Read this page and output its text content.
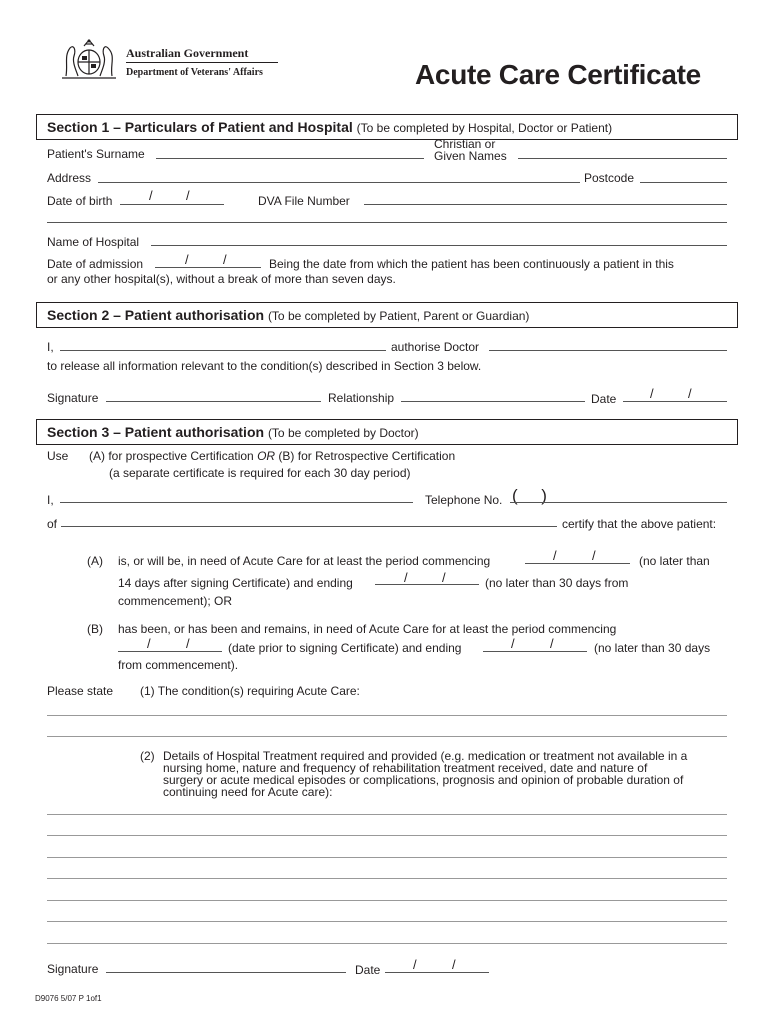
Australian Government
Department of Veterans' Affairs	Acute Care Certificate
Section 1 – Particulars of Patient and Hospital (To be completed by Hospital, Doctor or Patient)
Patient's Surname
Christian or
Given Names
Address	Postcode
Date of birth	/	/	DVA File Number
Name of Hospital
Date of admission	/	/	Being the date from which the patient has been continuously a patient in this
or any other hospital(s), without a break of more than seven days.
Section 2 – Patient authorisation (To be completed by Patient, Parent or Guardian)
I,	authorise Doctor
to release all information relevant to the condition(s) described in Section 3 below.
Signature	Relationship	Date	/	/
Section 3 – Patient authorisation (To be completed by Doctor)
Use (A) for prospective Certification OR (B) for Retrospective Certification
(a separate certificate is required for each 30 day period)
I,	Telephone No. (     )
of	certify that the above patient:
(A) is, or will be, in need of Acute Care for at least the period commencing	/	/	(no later than
14 days after signing Certificate) and ending	/	/	(no later than 30 days from
commencement); OR
(B) has been, or has been and remains, in need of Acute Care for at least the period commencing
/	/	(date prior to signing Certificate) and ending	/	/	(no later than 30 days
from commencement).
Please state (1) The condition(s) requiring Acute Care:
(2) Details of Hospital Treatment required and provided (e.g. medication or treatment not available in a
nursing home, nature and frequency of rehabilitation treatment received, date and nature of
surgery or acute medical episodes or complications, prognosis and opinion of probable duration of
continuing need for Acute care):
Signature	Date	/	/
D9076 5/07 P 1of1
